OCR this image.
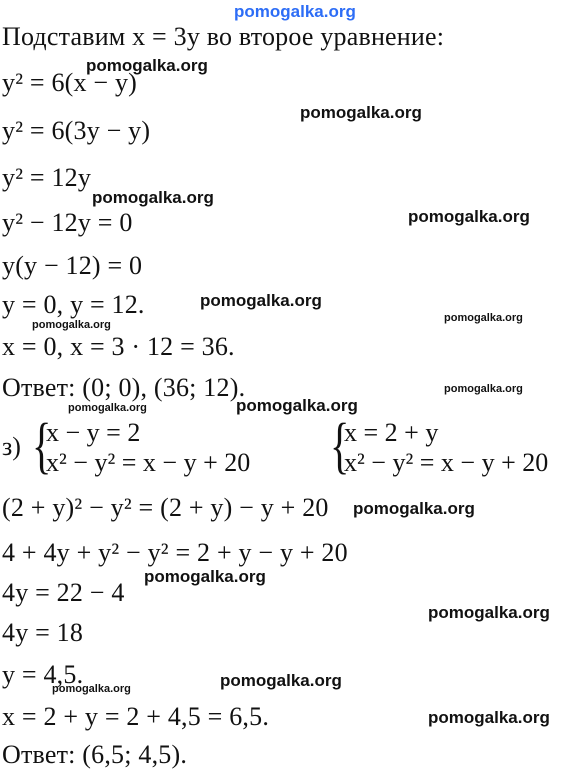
pomogalka.org
Подставим x = 3y во второе уравнение:
y² = 6(x − y)
y² = 6(3y − y)
y² = 12y
y² − 12y = 0
y(y − 12) = 0
y = 0, y = 12.
x = 0, x = 3 · 12 = 36.
Ответ: (0; 0), (36; 12).
з) {
x − y = 2
x² − y² = x − y + 20 {
x = 2 + y
x² − y² = x − y + 20
(2 + y)² − y² = (2 + y) − y + 20
4 + 4y + y² − y² = 2 + y − y + 20
4y = 22 − 4
4y = 18
y = 4,5.
x = 2 + y = 2 + 4,5 = 6,5.
Ответ: (6,5; 4,5).
pomogalka.org
pomogalka.org
pomogalka.org
pomogalka.org
pomogalka.org
pomogalka.org
pomogalka.org
pomogalka.org
pomogalka.org	pomogalka.org
pomogalka.org
pomogalka.org
pomogalka.org
pomogalka.org
pomogalka.org
pomogalka.org
